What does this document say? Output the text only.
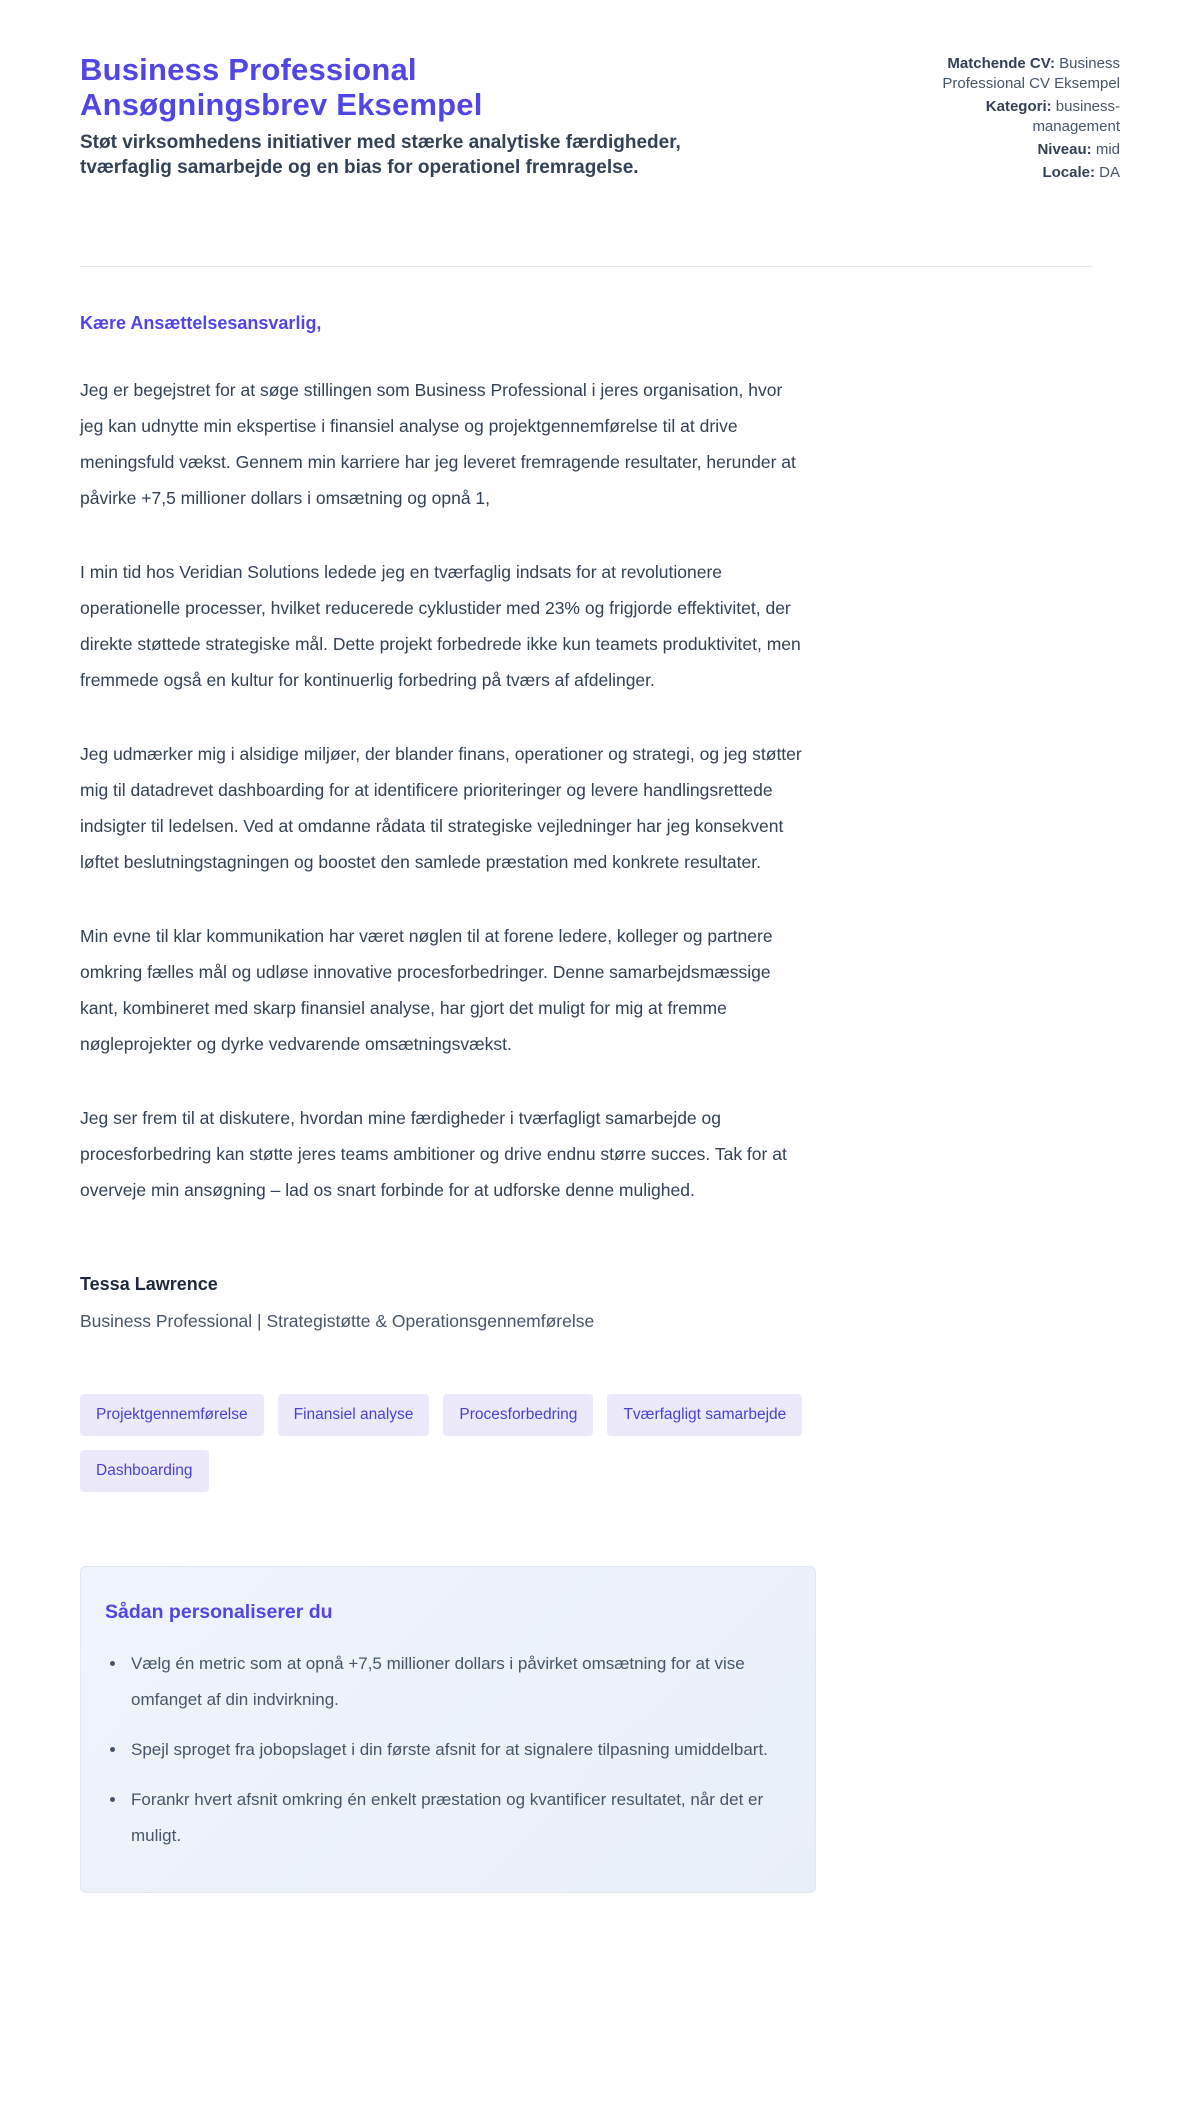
Business Professional Ansøgningsbrev Eksempel
Støt virksomhedens initiativer med stærke analytiske færdigheder, tværfaglig samarbejde og en bias for operationel fremragelse.
Matchende CV: Business Professional CV Eksempel
Kategori: business-management
Niveau: mid
Locale: DA
Kære Ansættelsesansvarlig,

Jeg er begejstret for at søge stillingen som Business Professional i jeres organisation, hvor jeg kan udnytte min ekspertise i finansiel analyse og projektgennemførelse til at drive meningsfuld vækst. Gennem min karriere har jeg leveret fremragende resultater, herunder at påvirke +7,5 millioner dollars i omsætning og opnå 1,

I min tid hos Veridian Solutions ledede jeg en tværfaglig indsats for at revolutionere operationelle processer, hvilket reducerede cyklustider med 23% og frigjorde effektivitet, der direkte støttede strategiske mål. Dette projekt forbedrede ikke kun teamets produktivitet, men fremmede også en kultur for kontinuerlig forbedring på tværs af afdelinger.

Jeg udmærker mig i alsidige miljøer, der blander finans, operationer og strategi, og jeg støtter mig til datadrevet dashboarding for at identificere prioriteringer og levere handlingsrettede indsigter til ledelsen. Ved at omdanne rådata til strategiske vejledninger har jeg konsekvent løftet beslutningstagningen og boostet den samlede præstation med konkrete resultater.

Min evne til klar kommunikation har været nøglen til at forene ledere, kolleger og partnere omkring fælles mål og udløse innovative procesforbedringer. Denne samarbejdsmæssige kant, kombineret med skarp finansiel analyse, har gjort det muligt for mig at fremme nøgleprojekter og dyrke vedvarende omsætningsvækst.

Jeg ser frem til at diskutere, hvordan mine færdigheder i tværfagligt samarbejde og procesforbedring kan støtte jeres teams ambitioner og drive endnu større succes. Tak for at overveje min ansøgning – lad os snart forbinde for at udforske denne mulighed.

Tessa Lawrence
Business Professional | Strategistøtte & Operationsgennemførelse
Projektgennemførelse	Finansiel analyse	Procesforbedring	Tværfagligt samarbejde
Dashboarding
Sådan personaliserer du
• Vælg én metric som at opnå +7,5 millioner dollars i påvirket omsætning for at vise omfanget af din indvirkning.
• Spejl sproget fra jobopslaget i din første afsnit for at signalere tilpasning umiddelbart.
• Forankr hvert afsnit omkring én enkelt præstation og kvantificer resultatet, når det er muligt.
